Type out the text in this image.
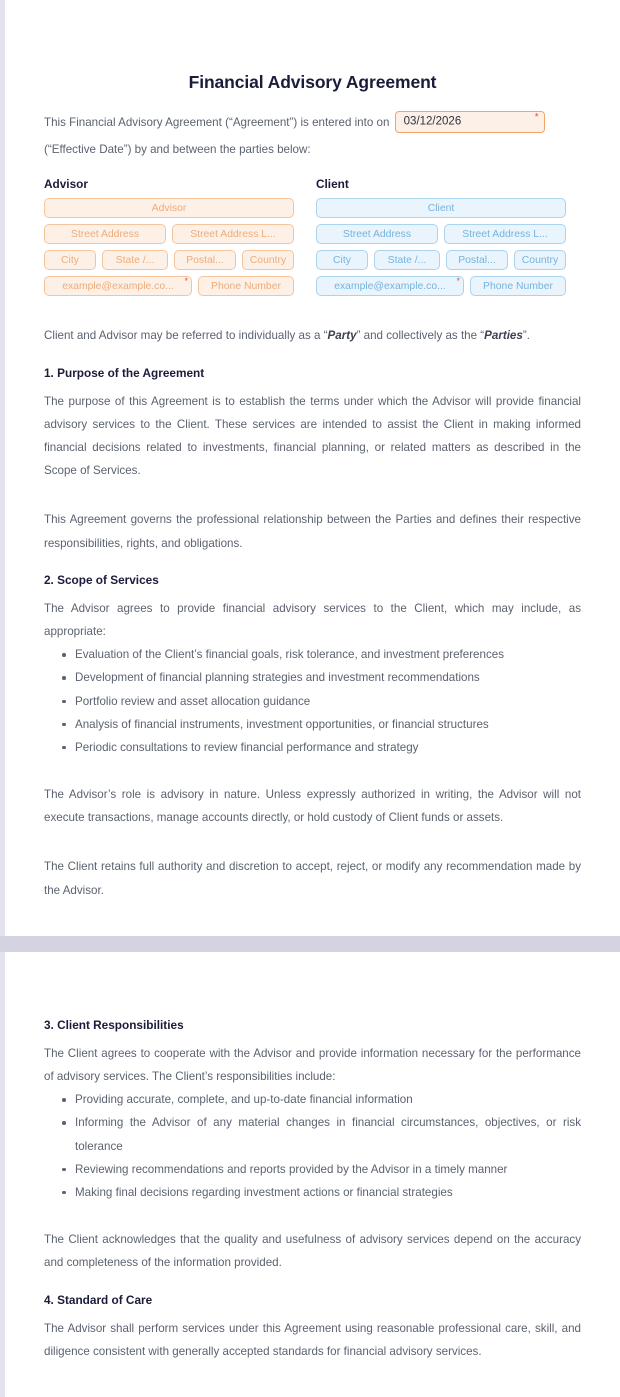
Financial Advisory Agreement

This Financial Advisory Agreement (“Agreement”) is entered into on 03/12/2026	*

(“Effective Date”) by and between the parties below:

Advisor
Advisor
Street Address	Street Address L...
City	State /...	Postal...	Country
example@example.co... *	Phone Number
Client
Client
Street Address	Street Address L...
City	State /...	Postal...	Country
example@example.co... *	Phone Number

Client and Advisor may be referred to individually as a “Party” and collectively as the “Parties”.

1. Purpose of the Agreement

The purpose of this Agreement is to establish the terms under which the Advisor will provide financial advisory services to the Client. These services are intended to assist the Client in making informed financial decisions related to investments, financial planning, or related matters as described in the Scope of Services.

This Agreement governs the professional relationship between the Parties and defines their respective responsibilities, rights, and obligations.

2. Scope of Services

The Advisor agrees to provide financial advisory services to the Client, which may include, as appropriate:

Evaluation of the Client’s financial goals, risk tolerance, and investment preferences
Development of financial planning strategies and investment recommendations
Portfolio review and asset allocation guidance
Analysis of financial instruments, investment opportunities, or financial structures
Periodic consultations to review financial performance and strategy

The Advisor’s role is advisory in nature. Unless expressly authorized in writing, the Advisor will not execute transactions, manage accounts directly, or hold custody of Client funds or assets.

The Client retains full authority and discretion to accept, reject, or modify any recommendation made by the Advisor.

3. Client Responsibilities

The Client agrees to cooperate with the Advisor and provide information necessary for the performance of advisory services. The Client’s responsibilities include:

Providing accurate, complete, and up-to-date financial information
Informing the Advisor of any material changes in financial circumstances, objectives, or risk tolerance
Reviewing recommendations and reports provided by the Advisor in a timely manner
Making final decisions regarding investment actions or financial strategies

The Client acknowledges that the quality and usefulness of advisory services depend on the accuracy and completeness of the information provided.

4. Standard of Care

The Advisor shall perform services under this Agreement using reasonable professional care, skill, and diligence consistent with generally accepted standards for financial advisory services.
